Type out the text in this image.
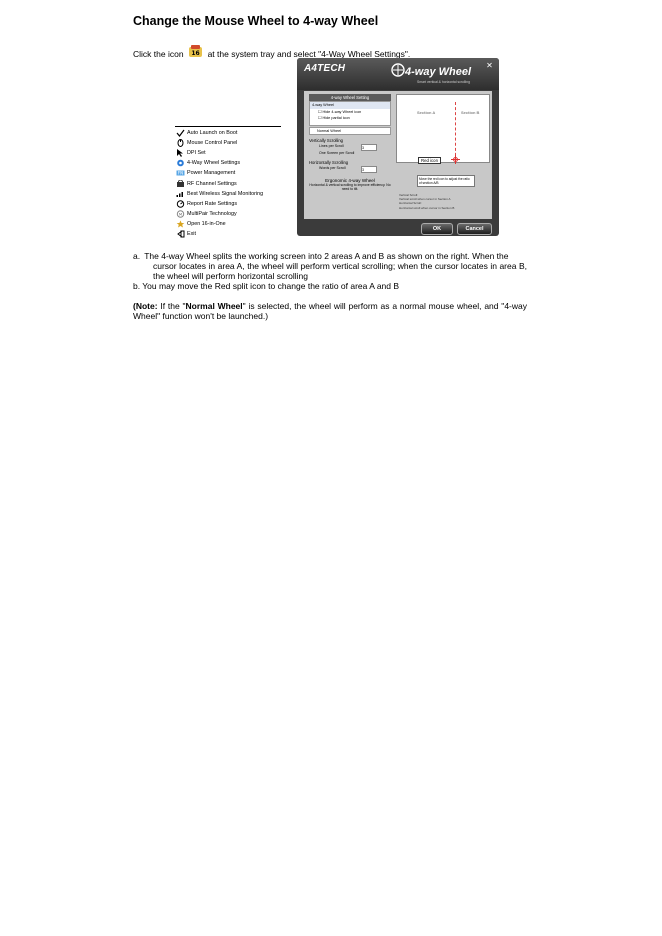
Change the Mouse Wheel to 4-way Wheel
Click the icon 16 at the system tray and select "4-Way Wheel Settings".
Auto Launch on Boot
Mouse Control Panel
DPI Set
4-Way Wheel Settings
FN Power Management
RF Channel Settings
Best Wireless Signal Monitoring
Report Rate Settings
M MultiPair Technology
Open 16-in-One
Exit
A4TECH	4-way Wheel
Smart vertical & horizontal scrolling
✕
4-way Wheel Setting
4-way Wheel
☐ Hide 4-way Wheel icon
☐ Hide partial icon
Normal Wheel
Vertically Scrolling
Lines per Scroll	3
One Screen per Scroll
Horizontally Scrolling
Words per Scroll	3
Ergonomic 4-way Wheel
Horizontal & vertical scrolling to improve efficiency. No need to tilt.
Section A	Section B
Red icon
Move the red icon to adjust the ratio of section A/B
Vertical Scroll:
Vertical scroll when cursor in Section A
Horizontal Scroll:
Horizontal scroll when cursor in Section B
OK	Cancel
a. The 4-way Wheel splits the working screen into 2 areas A and B as shown on the right. When the
cursor locates in area A, the wheel will perform vertical scrolling; when the cursor locates in area B, the wheel will perform horizontal scrolling
b. You may move the Red split icon to change the ratio of area A and B
(Note: If the "Normal Wheel" is selected, the wheel will perform as a normal mouse wheel, and "4-way Wheel" function won't be launched.)
